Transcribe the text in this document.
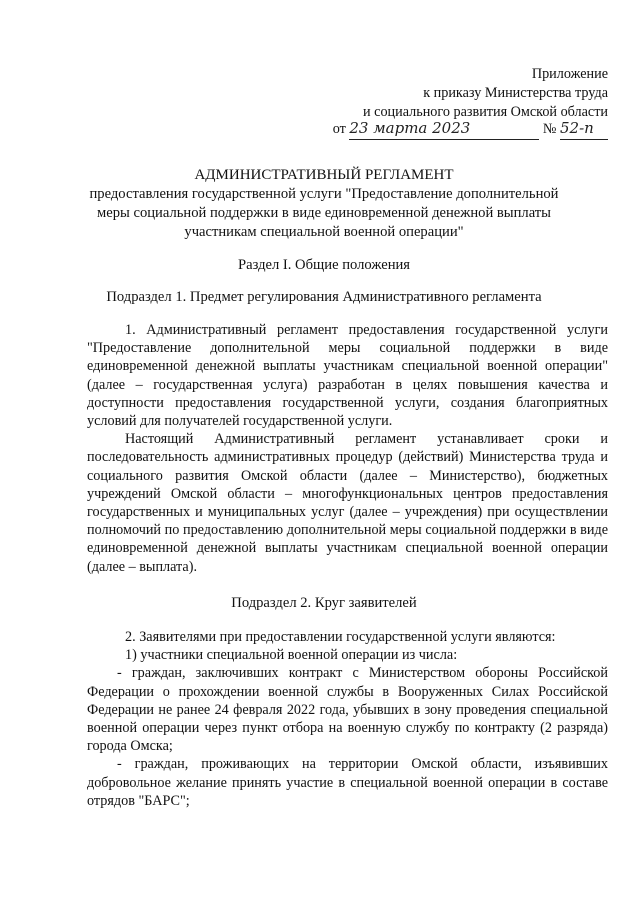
Приложение
к приказу Министерства труда
и социального развития Омской области
от 23 марта 2023	№ 52-п
АДМИНИСТРАТИВНЫЙ РЕГЛАМЕНТ
предоставления государственной услуги "Предоставление дополнительной
меры социальной поддержки в виде единовременной денежной выплаты
участникам специальной военной операции"
Раздел I. Общие положения
Подраздел 1. Предмет регулирования Административного регламента

1. Административный регламент предоставления государственной услуги "Предоставление дополнительной меры социальной поддержки в виде единовременной денежной выплаты участникам специальной военной операции" (далее – государственная услуга) разработан в целях повышения качества и доступности предоставления государственной услуги, создания благоприятных условий для получателей государственной услуги.

Настоящий Административный регламент устанавливает сроки и последовательность административных процедур (действий) Министерства труда и социального развития Омской области (далее – Министерство), бюджетных учреждений Омской области – многофункциональных центров предоставления государственных и муниципальных услуг (далее – учреждения) при осуществлении полномочий по предоставлению дополнительной меры социальной поддержки в виде единовременной денежной выплаты участникам специальной военной операции (далее – выплата).

Подраздел 2. Круг заявителей

2. Заявителями при предоставлении государственной услуги являются:

1) участники специальной военной операции из числа:

- граждан, заключивших контракт с Министерством обороны Российской Федерации о прохождении военной службы в Вооруженных Силах Российской Федерации не ранее 24 февраля 2022 года, убывших в зону проведения специальной военной операции через пункт отбора на военную службу по контракту (2 разряда) города Омска;

- граждан, проживающих на территории Омской области, изъявивших добровольное желание принять участие в специальной военной операции в составе отрядов "БАРС";
